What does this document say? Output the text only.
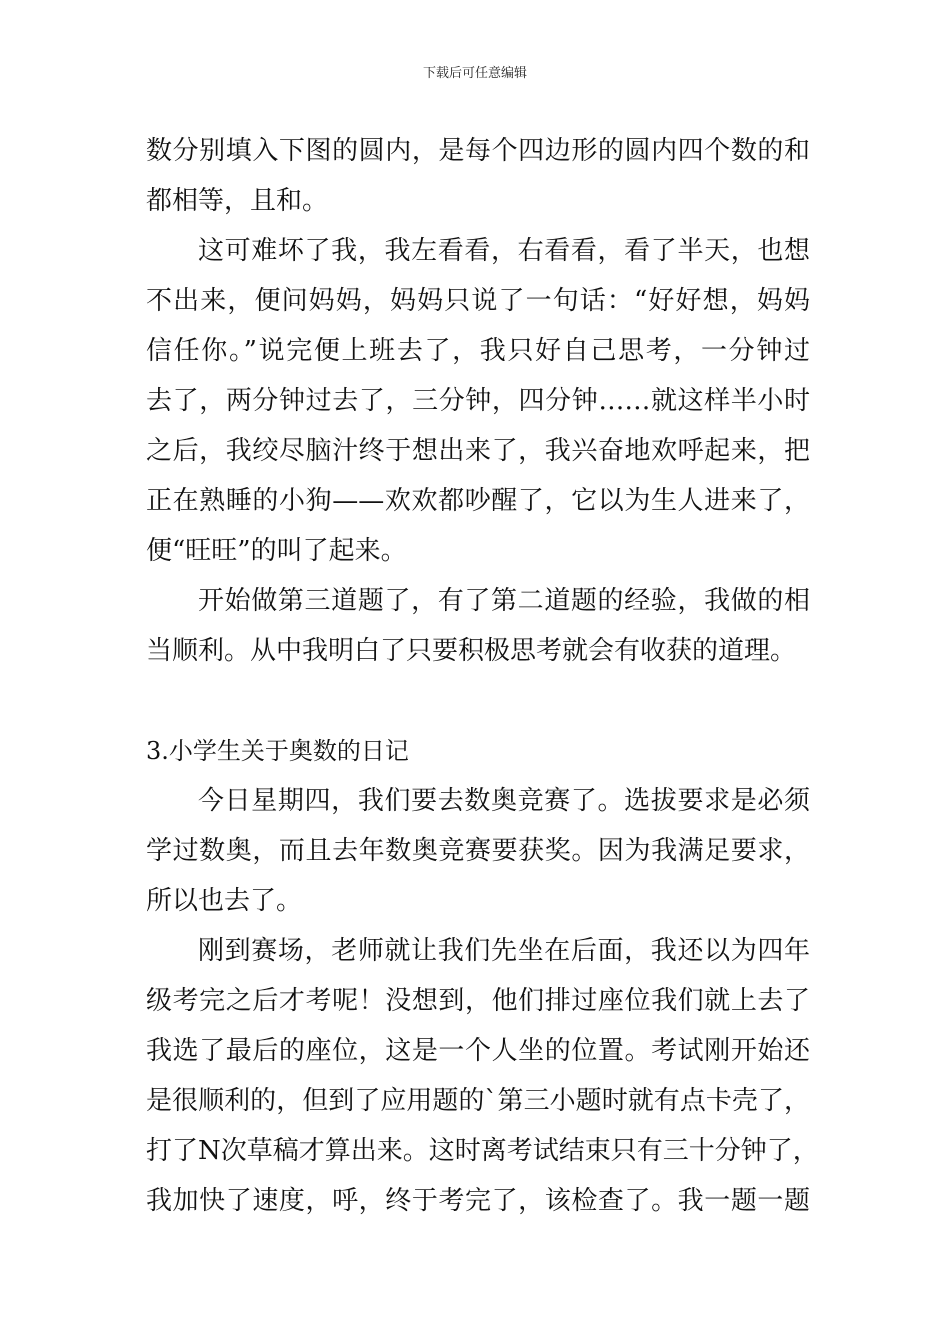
下载后可任意编辑
数分别填入下图的圆内，是每个四边形的圆内四个数的和
都相等，且和。
这可难坏了我，我左看看，右看看，看了半天，也想
不出来，便问妈妈，妈妈只说了一句话：“好好想，妈妈
信任你。”说完便上班去了，我只好自己思考，一分钟过
去了，两分钟过去了，三分钟，四分钟……就这样半小时
之后，我绞尽脑汁终于想出来了，我兴奋地欢呼起来，把
正在熟睡的小狗——欢欢都吵醒了，它以为生人进来了，
便“旺旺”的叫了起来。
开始做第三道题了，有了第二道题的经验，我做的相
当顺利。从中我明白了只要积极思考就会有收获的道理。
3.小学生关于奥数的日记
今日星期四，我们要去数奥竞赛了。选拔要求是必须
学过数奥，而且去年数奥竞赛要获奖。因为我满足要求，
所以也去了。
刚到赛场，老师就让我们先坐在后面，我还以为四年
级考完之后才考呢！没想到，他们排过座位我们就上去了
我选了最后的座位，这是一个人坐的位置。考试刚开始还
是很顺利的，但到了应用题的`第三小题时就有点卡壳了，
打了N次草稿才算出来。这时离考试结束只有三十分钟了，
我加快了速度，呼，终于考完了，该检查了。我一题一题
